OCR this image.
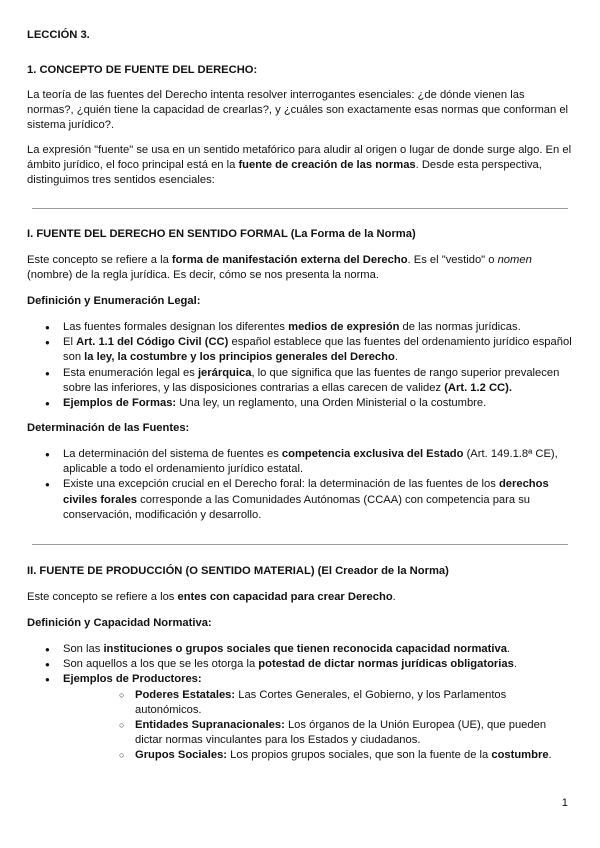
LECCIÓN 3.
1. CONCEPTO DE FUENTE DEL DERECHO:
La teoría de las fuentes del Derecho intenta resolver interrogantes esenciales: ¿de dónde vienen las normas?, ¿quién tiene la capacidad de crearlas?, y ¿cuáles son exactamente esas normas que conforman el sistema jurídico?.
La expresión "fuente" se usa en un sentido metafórico para aludir al origen o lugar de donde surge algo. En el ámbito jurídico, el foco principal está en la fuente de creación de las normas. Desde esta perspectiva, distinguimos tres sentidos esenciales:
I. FUENTE DEL DERECHO EN SENTIDO FORMAL (La Forma de la Norma)
Este concepto se refiere a la forma de manifestación externa del Derecho. Es el "vestido" o nomen (nombre) de la regla jurídica. Es decir, cómo se nos presenta la norma.
Definición y Enumeración Legal:
● Las fuentes formales designan los diferentes medios de expresión de las normas jurídicas.
● El Art. 1.1 del Código Civil (CC) español establece que las fuentes del ordenamiento jurídico español son la ley, la costumbre y los principios generales del Derecho.
● Esta enumeración legal es jerárquica, lo que significa que las fuentes de rango superior prevalecen sobre las inferiores, y las disposiciones contrarias a ellas carecen de validez (Art. 1.2 CC).
● Ejemplos de Formas: Una ley, un reglamento, una Orden Ministerial o la costumbre.
Determinación de las Fuentes:
● La determinación del sistema de fuentes es competencia exclusiva del Estado (Art. 149.1.8ª CE), aplicable a todo el ordenamiento jurídico estatal.
● Existe una excepción crucial en el Derecho foral: la determinación de las fuentes de los derechos civiles forales corresponde a las Comunidades Autónomas (CCAA) con competencia para su conservación, modificación y desarrollo.
II. FUENTE DE PRODUCCIÓN (O SENTIDO MATERIAL) (El Creador de la Norma)
Este concepto se refiere a los entes con capacidad para crear Derecho.
Definición y Capacidad Normativa:
● Son las instituciones o grupos sociales que tienen reconocida capacidad normativa.
● Son aquellos a los que se les otorga la potestad de dictar normas jurídicas obligatorias.
● Ejemplos de Productores:
○ Poderes Estatales: Las Cortes Generales, el Gobierno, y los Parlamentos autonómicos.
○ Entidades Supranacionales: Los órganos de la Unión Europea (UE), que pueden dictar normas vinculantes para los Estados y ciudadanos.
○ Grupos Sociales: Los propios grupos sociales, que son la fuente de la costumbre.
1
